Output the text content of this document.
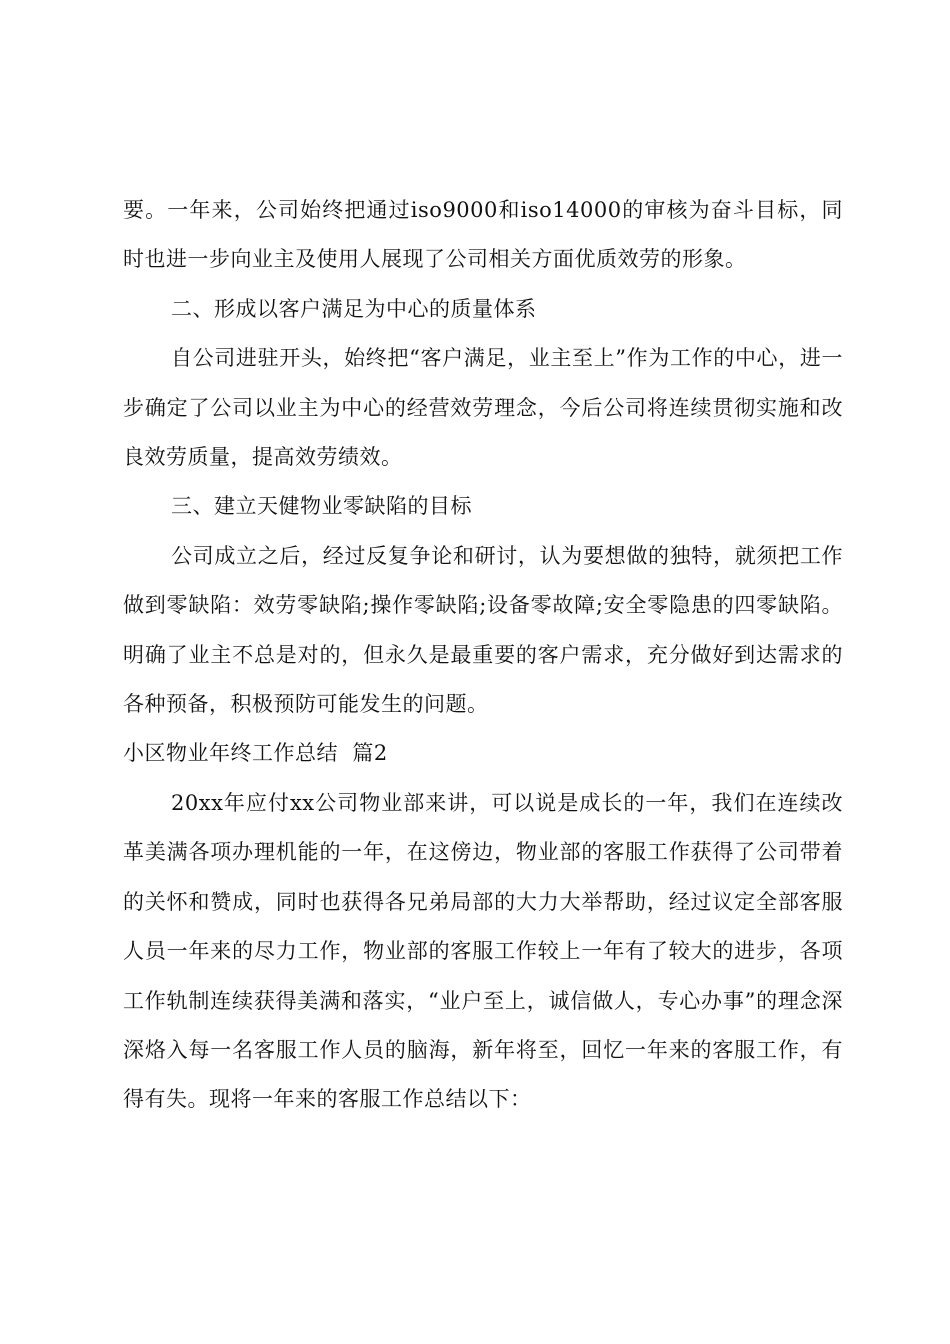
要。一年来，公司始终把通过iso9000和iso14000的审核为奋斗目标，同时也进一步向业主及使用人展现了公司相关方面优质效劳的形象。

二、形成以客户满足为中心的质量体系

自公司进驻开头，始终把“客户满足，业主至上”作为工作的中心，进一步确定了公司以业主为中心的经营效劳理念，今后公司将连续贯彻实施和改良效劳质量，提高效劳绩效。

三、建立天健物业零缺陷的目标

公司成立之后，经过反复争论和研讨，认为要想做的独特，就须把工作做到零缺陷：效劳零缺陷;操作零缺陷;设备零故障;安全零隐患的四零缺陷。明确了业主不总是对的，但永久是最重要的客户需求，充分做好到达需求的各种预备，积极预防可能发生的问题。

小区物业年终工作总结  篇2

20xx年应付xx公司物业部来讲，可以说是成长的一年，我们在连续改革美满各项办理机能的一年，在这傍边，物业部的客服工作获得了公司带着的关怀和赞成，同时也获得各兄弟局部的大力大举帮助，经过议定全部客服人员一年来的尽力工作，物业部的客服工作较上一年有了较大的进步，各项工作轨制连续获得美满和落实，“业户至上，诚信做人，专心办事”的理念深深烙入每一名客服工作人员的脑海，新年将至，回忆一年来的客服工作，有得有失。现将一年来的客服工作总结以下：
